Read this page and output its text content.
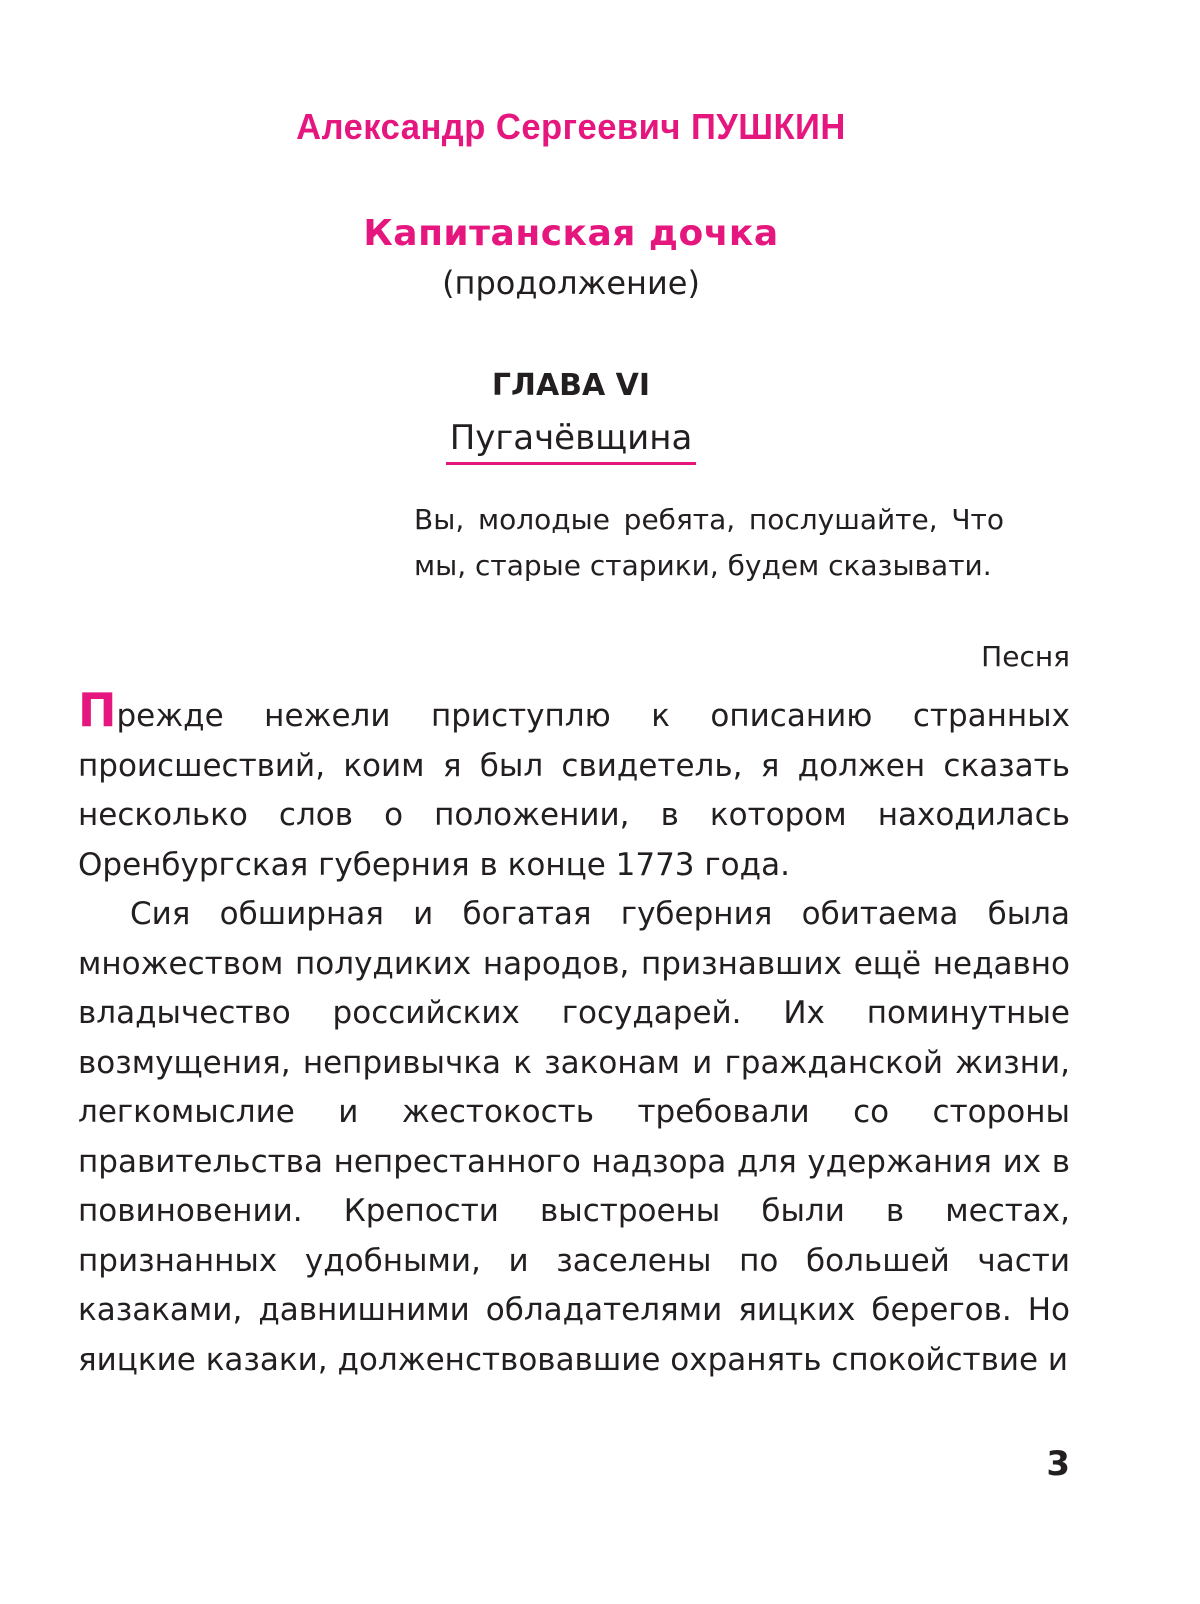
Александр Сергеевич ПУШКИН
Капитанская дочка
(продолжение)
ГЛАВА VI
Пугачёвщина
Вы, молодые ребята, послушайте, Что мы, старые старики, будем сказывати.
Песня

Прежде нежели приступлю к описанию странных происшествий, коим я был свидетель, я должен сказать несколько слов о положении, в котором находилась Оренбургская губерния в конце 1773 года.

Сия обширная и богатая губерния обитаема была множеством полудиких народов, признавших ещё недавно владычество российских государей. Их поминутные возмущения, непривычка к законам и гражданской жизни, легкомыслие и жестокость требовали со стороны правительства непрестанного надзора для удержания их в повиновении. Крепости выстроены были в местах, признанных удобными, и заселены по большей части казаками, давнишними обладателями яицких берегов. Но яицкие казаки, долженствовавшие охранять спокойствие и

3
